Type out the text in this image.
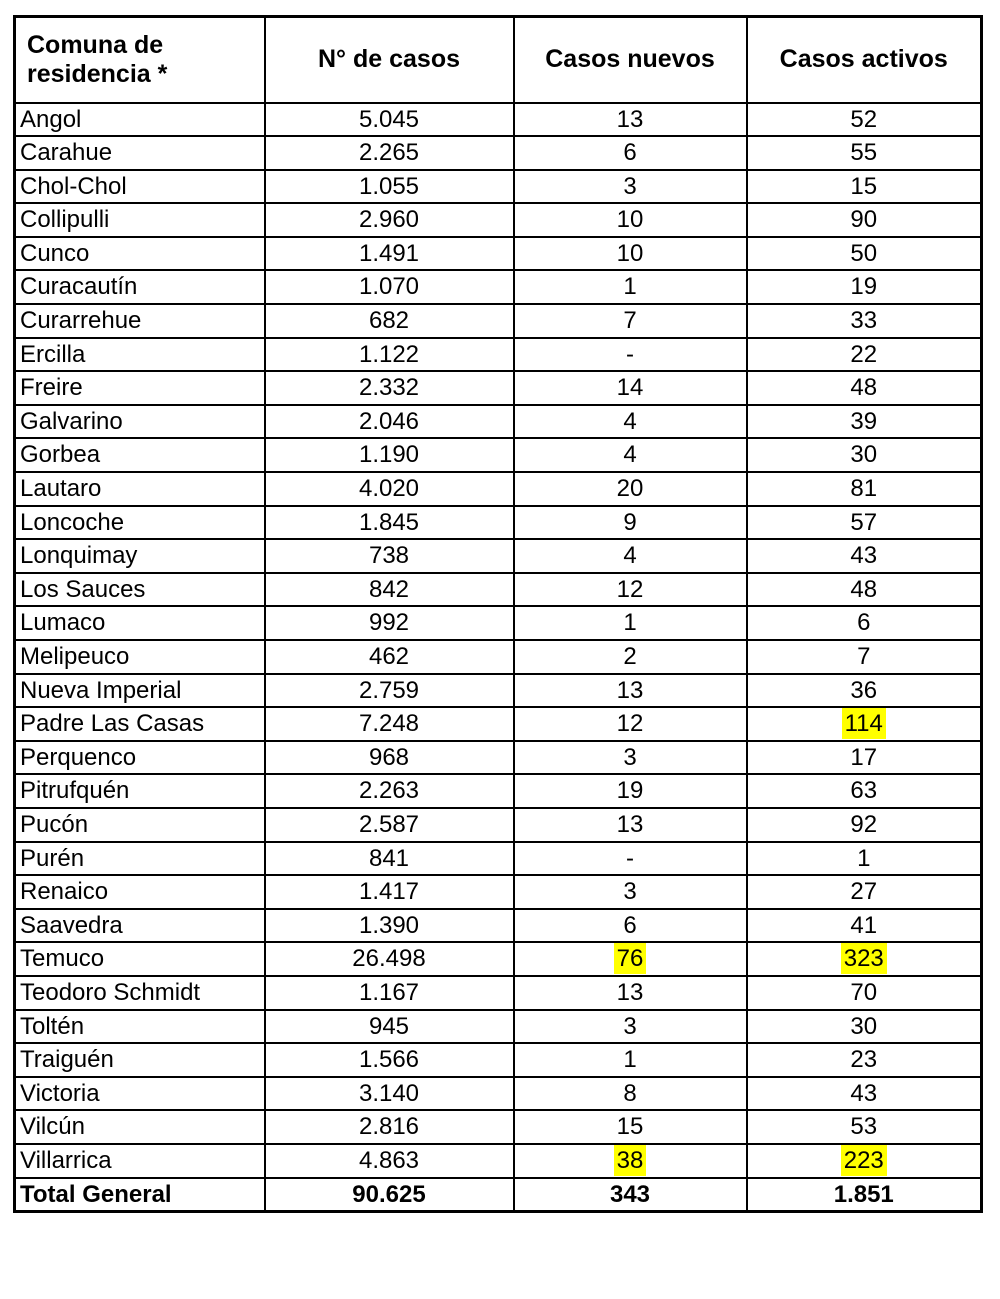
Comuna de residencia *	N° de casos	Casos nuevos	Casos activos
Angol	5.045	13	52
Carahue	2.265	6	55
Chol-Chol	1.055	3	15
Collipulli	2.960	10	90
Cunco	1.491	10	50
Curacautín	1.070	1	19
Curarrehue	682	7	33
Ercilla	1.122	-	22
Freire	2.332	14	48
Galvarino	2.046	4	39
Gorbea	1.190	4	30
Lautaro	4.020	20	81
Loncoche	1.845	9	57
Lonquimay	738	4	43
Los Sauces	842	12	48
Lumaco	992	1	6
Melipeuco	462	2	7
Nueva Imperial	2.759	13	36
Padre Las Casas	7.248	12	114
Perquenco	968	3	17
Pitrufquén	2.263	19	63
Pucón	2.587	13	92
Purén	841	-	1
Renaico	1.417	3	27
Saavedra	1.390	6	41
Temuco	26.498	76	323
Teodoro Schmidt	1.167	13	70
Toltén	945	3	30
Traiguén	1.566	1	23
Victoria	3.140	8	43
Vilcún	2.816	15	53
Villarrica	4.863	38	223
Total General	90.625	343	1.851
